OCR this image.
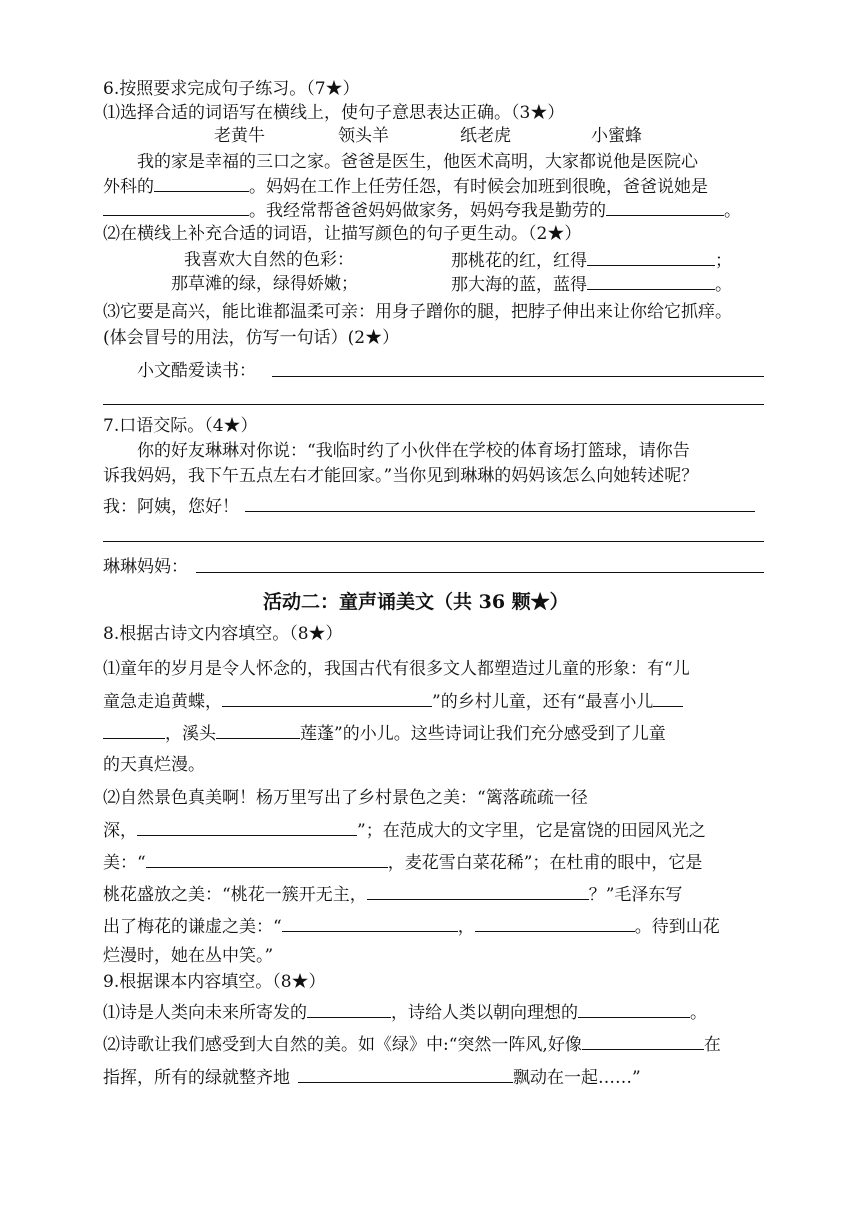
6.按照要求完成句子练习。（7★）
⑴选择合适的词语写在横线上，使句子意思表达正确。（3★）
老黄牛	领头羊	纸老虎	小蜜蜂
我的家是幸福的三口之家。爸爸是医生，他医术高明，大家都说他是医院心
外科的	。妈妈在工作上任劳任怨，有时候会加班到很晚，爸爸说她是
。我经常帮爸爸妈妈做家务，妈妈夸我是勤劳的	。
⑵在横线上补充合适的词语，让描写颜色的句子更生动。（2★）
我喜欢大自然的色彩：	那桃花的红，红得	；
那草滩的绿，绿得娇嫩；	那大海的蓝，蓝得	。
⑶它要是高兴，能比谁都温柔可亲：用身子蹭你的腿，把脖子伸出来让你给它抓痒。
(体会冒号的用法，仿写一句话）(2★）
小文酷爱读书：
7.口语交际。（4★）
你的好友琳琳对你说：“我临时约了小伙伴在学校的体育场打篮球，请你告
诉我妈妈，我下午五点左右才能回家。”当你见到琳琳的妈妈该怎么向她转述呢？
我：阿姨，您好！
琳琳妈妈：
活动二：童声诵美文（共 36 颗★）
8.根据古诗文内容填空。（8★）
⑴童年的岁月是令人怀念的，我国古代有很多文人都塑造过儿童的形象：有“儿
童急走追黄蝶，	”的乡村儿童，还有“最喜小儿
，溪头	莲蓬”的小儿。这些诗词让我们充分感受到了儿童
的天真烂漫。
⑵自然景色真美啊！杨万里写出了乡村景色之美：“篱落疏疏一径
深，	”；在范成大的文字里，它是富饶的田园风光之
美：“	，麦花雪白菜花稀”；在杜甫的眼中，它是
桃花盛放之美：“桃花一簇开无主，	？”毛泽东写
出了梅花的谦虚之美：“	，	。待到山花
烂漫时，她在丛中笑。”
9.根据课本内容填空。（8★）
⑴诗是人类向未来所寄发的	，诗给人类以朝向理想的	。
⑵诗歌让我们感受到大自然的美。如《绿》中:“突然一阵风,好像	在
指挥，所有的绿就整齐地	飘动在一起……”
